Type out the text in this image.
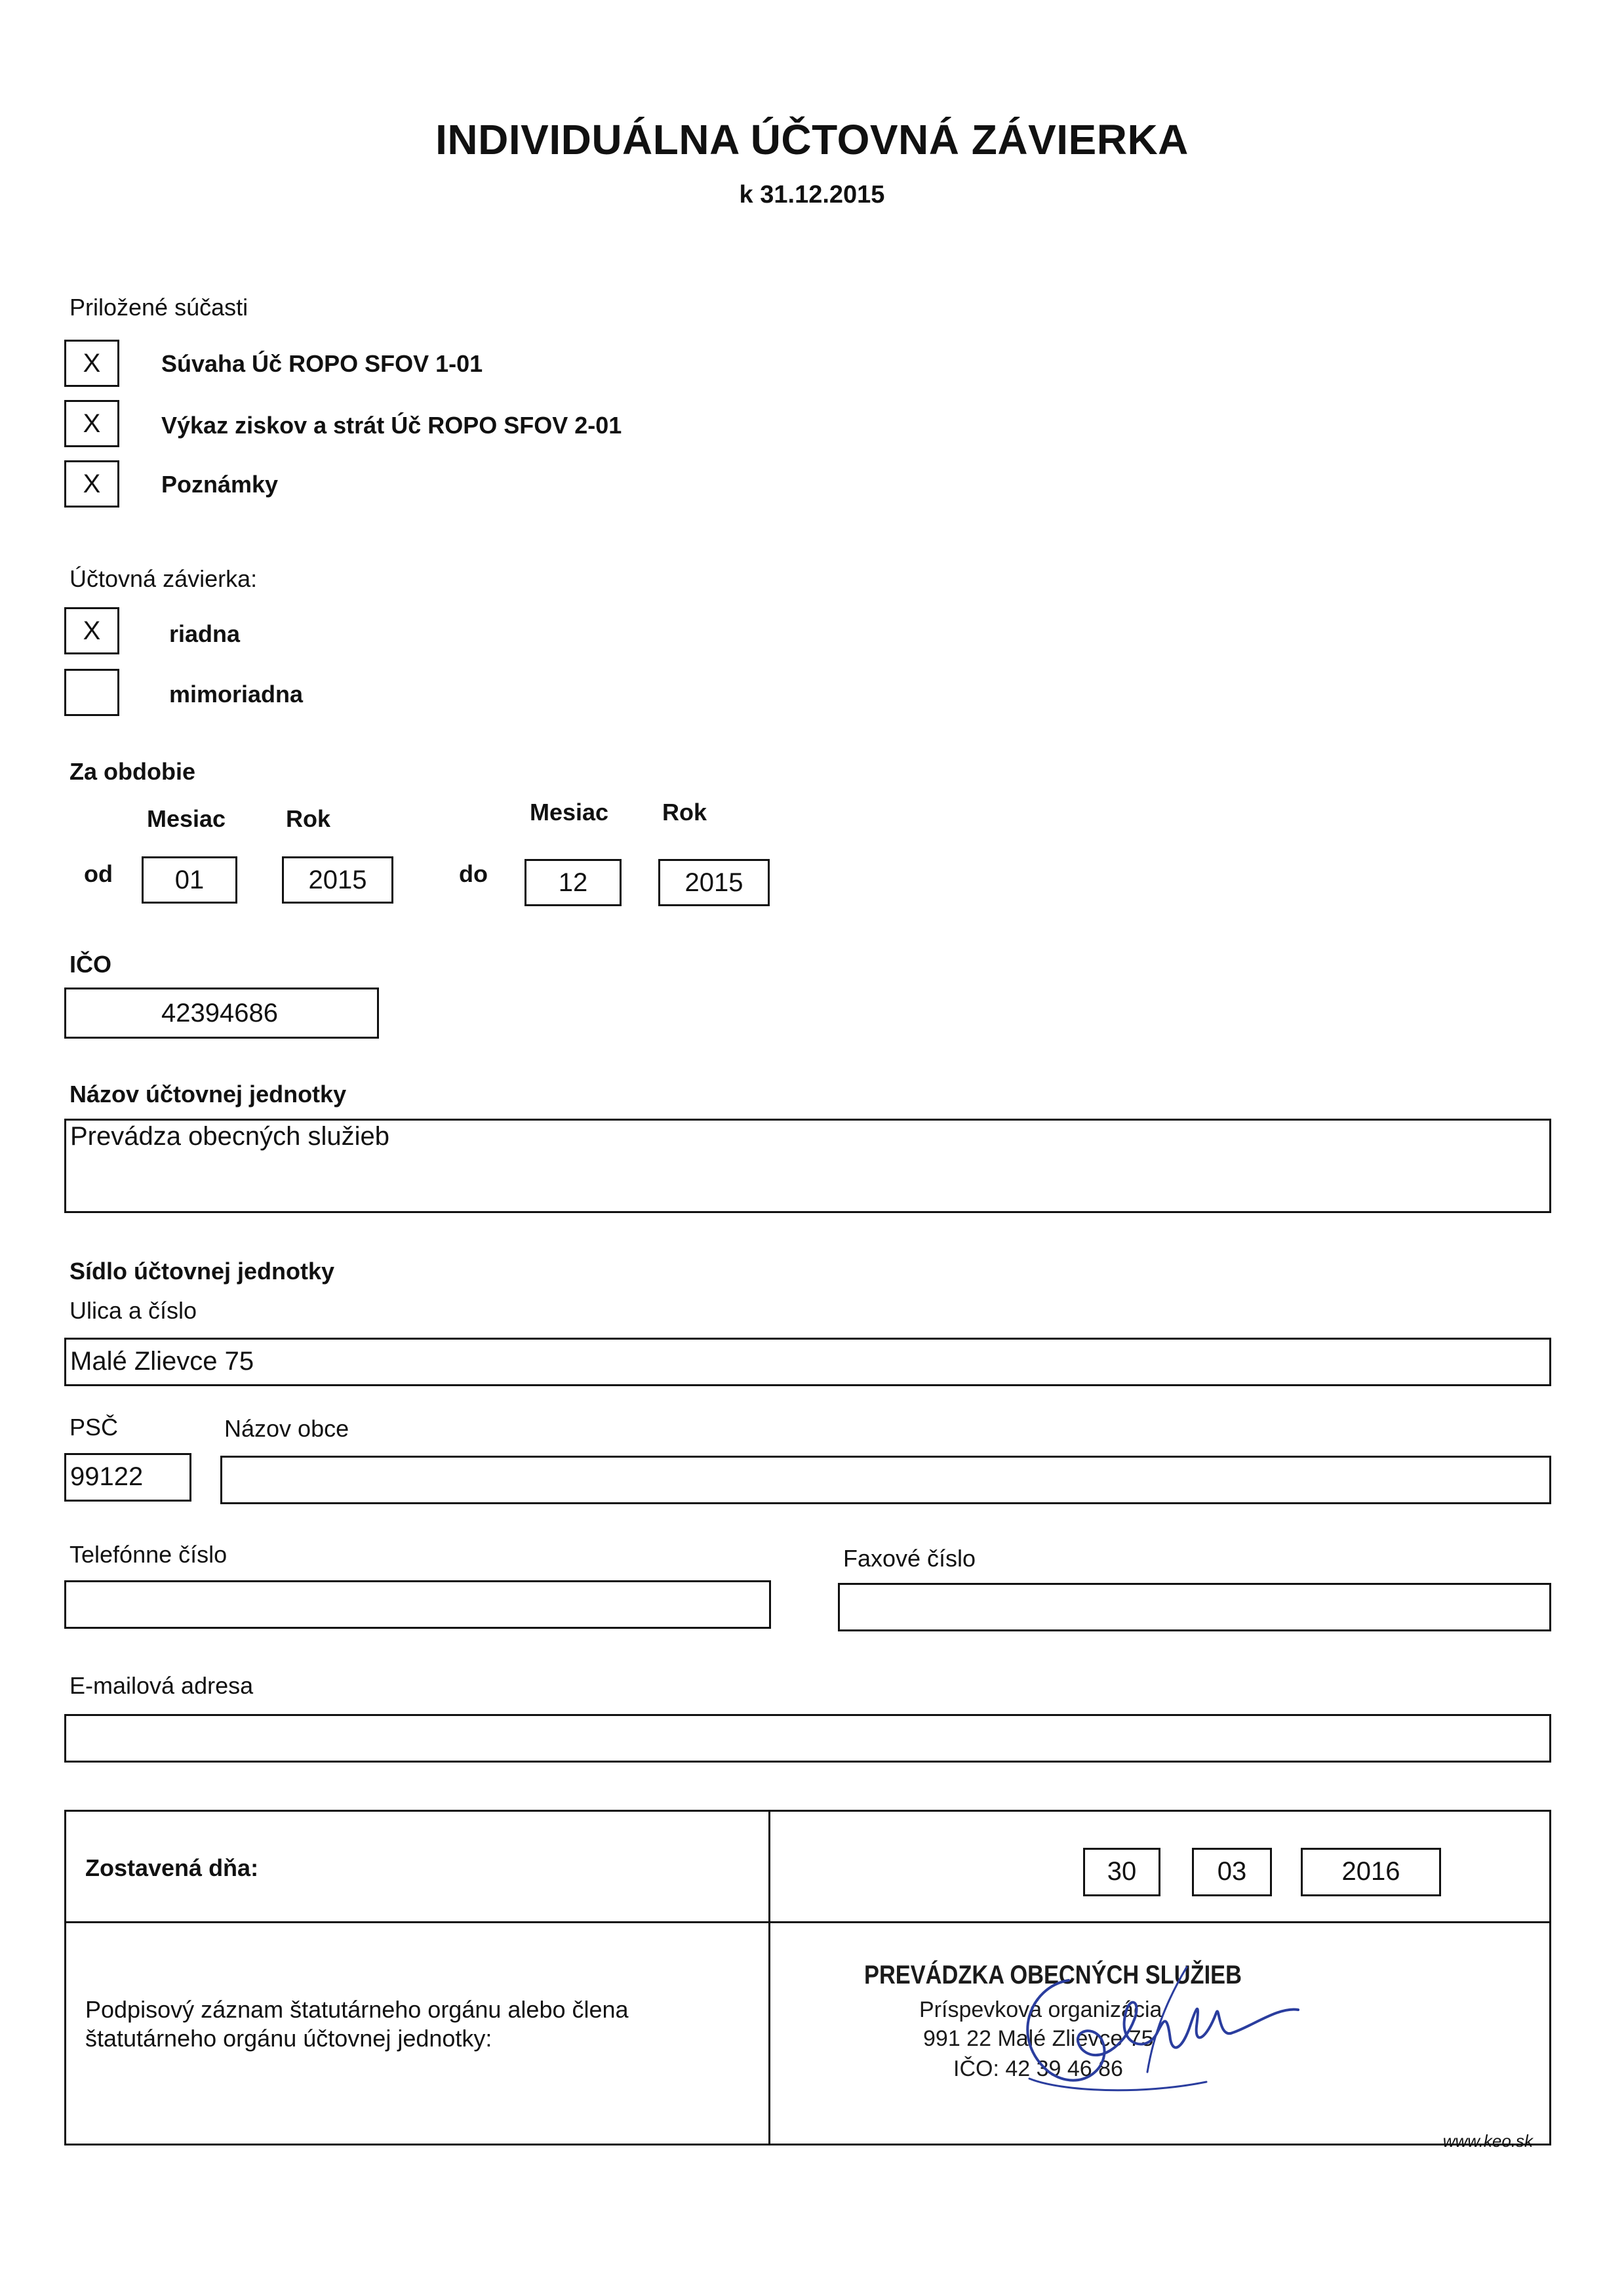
INDIVIDUÁLNA ÚČTOVNÁ ZÁVIERKA
k 31.12.2015
Priložené súčasti
X	Súvaha Úč ROPO SFOV 1-01
X	Výkaz ziskov a strát Úč ROPO SFOV 2-01
X	Poznámky
Účtovná závierka:
X	riadna
mimoriadna
Za obdobie
Mesiac	Rok	Mesiac Rok
od	01	2015	do	12	2015
IČO
42394686
Názov účtovnej jednotky
Prevádza obecných služieb
Sídlo účtovnej jednotky
Ulica a číslo
Malé Zlievce 75
PSČ	Názov obce
99122
Telefónne číslo	Faxové číslo
E-mailová adresa
Zostavená dňa:	30	03	2016
Podpisový záznam štatutárneho orgánu alebo člena
štatutárneho orgánu účtovnej jednotky:
PREVÁDZKA OBECNÝCH SLUŽIEB
Príspevková organizácia
991 22 Malé Zlievce 75
IČO: 42 39 46 86
www.keo.sk
